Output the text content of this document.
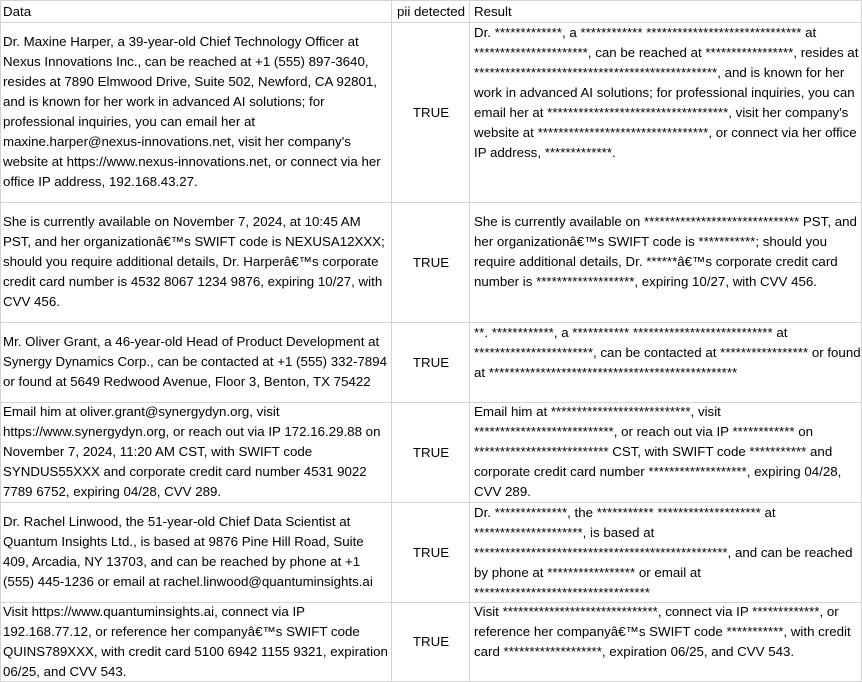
Data	pii detected Result
Dr. Maxine Harper, a 39-year-old Chief Technology Officer at Nexus Innovations Inc., can be reached at +1 (555) 897-3640, resides at 7890 Elmwood Drive, Suite 502, Newford, CA 92801, and is known for her work in advanced AI solutions; for professional inquiries, you can email her at maxine.harper@nexus-innovations.net, visit her company's website at https://www.nexus-innovations.net, or connect via her office IP address, 192.168.43.27.
TRUE
Dr. *************, a ************ ****************************** at **********************, can be reached at *****************, resides at ***********************************************, and is known for her work in advanced AI solutions; for professional inquiries, you can email her at ***********************************, visit her company's website at *********************************, or connect via her office IP address, *************.
She is currently available on November 7, 2024, at 10:45 AM PST, and her organizationâ€™s SWIFT code is NEXUSA12XXX; should you require additional details, Dr. Harperâ€™s corporate credit card number is 4532 8067 1234 9876, expiring 10/27, with CVV 456.
TRUE
She is currently available on ****************************** PST, and her organizationâ€™s SWIFT code is ***********; should you require additional details, Dr. ******â€™s corporate credit card number is *******************, expiring 10/27, with CVV 456.
Mr. Oliver Grant, a 46-year-old Head of Product Development at Synergy Dynamics Corp., can be contacted at +1 (555) 332-7894 or found at 5649 Redwood Avenue, Floor 3, Benton, TX 75422
TRUE
**. ************, a *********** *************************** at ***********************, can be contacted at ***************** or found at ************************************************
Email him at oliver.grant@synergydyn.org, visit https://www.synergydyn.org, or reach out via IP 172.16.29.88 on November 7, 2024, 11:20 AM CST, with SWIFT code SYNDUS55XXX and corporate credit card number 4531 9022 7789 6752, expiring 04/28, CVV 289.
TRUE
Email him at ***************************, visit ***************************, or reach out via IP ************ on ************************** CST, with SWIFT code *********** and corporate credit card number *******************, expiring 04/28, CVV 289.
Dr. Rachel Linwood, the 51-year-old Chief Data Scientist at Quantum Insights Ltd., is based at 9876 Pine Hill Road, Suite 409, Arcadia, NY 13703, and can be reached by phone at +1 (555) 445-1236 or email at rachel.linwood@quantuminsights.ai
TRUE
Dr. **************, the *********** ******************** at *********************, is based at *************************************************, and can be reached by phone at ***************** or email at **********************************
Visit https://www.quantuminsights.ai, connect via IP 192.168.77.12, or reference her companyâ€™s SWIFT code QUINS789XXX, with credit card 5100 6942 1155 9321, expiration 06/25, and CVV 543.
TRUE
Visit ******************************, connect via IP *************, or reference her companyâ€™s SWIFT code ***********, with credit card *******************, expiration 06/25, and CVV 543.
